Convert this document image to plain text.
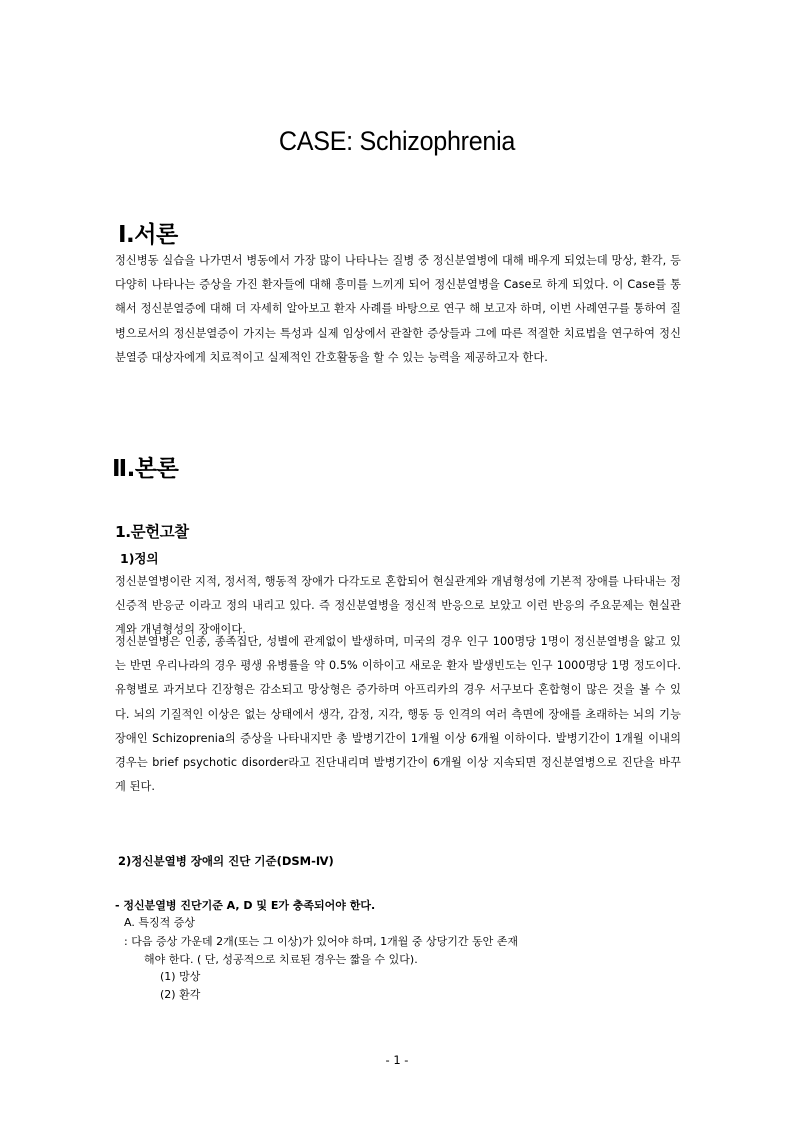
CASE: Schizophrenia
Ⅰ.서론
정신병동 실습을 나가면서 병동에서 가장 많이 나타나는 질병 중 정신분열병에 대해 배우게 되었는데 망상, 환각, 등 다양히 나타나는 증상을 가진 환자들에 대해 흥미를 느끼게 되어 정신분열병을 Case로 하게 되었다. 이 Case를 통해서 정신분열증에 대해 더 자세히 알아보고 환자 사례를 바탕으로 연구 해 보고자 하며, 이번 사례연구를 통하여 질병으로서의 정신분열증이 가지는 특성과 실제 임상에서 관찰한 증상들과 그에 따른 적절한 치료법을 연구하여 정신분열증 대상자에게 치료적이고 실제적인 간호활동을 할 수 있는 능력을 제공하고자 한다.
Ⅱ.본론
1.문헌고찰
1)정의
정신분열병이란 지적, 정서적, 행동적 장애가 다각도로 혼합되어 현실관계와 개념형성에 기본적 장애를 나타내는 정신증적 반응군 이라고 정의 내리고 있다. 즉 정신분열병을 정신적 반응으로 보았고 이런 반응의 주요문제는 현실관계와 개념형성의 장애이다.
정신분열병은 인종, 종족집단, 성별에 관계없이 발생하며, 미국의 경우 인구 100명당 1명이 정신분열병을 앓고 있는 반면 우리나라의 경우 평생 유병률을 약 0.5% 이하이고 새로운 환자 발생빈도는 인구 1000명당 1명 정도이다. 유형별로 과거보다 긴장형은 감소되고 망상형은 증가하며 아프리카의 경우 서구보다 혼합형이 많은 것을 볼 수 있다. 뇌의 기질적인 이상은 없는 상태에서 생각, 감정, 지각, 행동 등 인격의 여러 측면에 장애를 초래하는 뇌의 기능장애인 Schizoprenia의 증상을 나타내지만 총 발병기간이 1개월 이상 6개월 이하이다. 발병기간이 1개월 이내의 경우는 brief psychotic disorder라고 진단내리며 발병기간이 6개월 이상 지속되면 정신분열병으로 진단을 바꾸게 된다.
2)정신분열병 장애의 진단 기준(DSM-Ⅳ)
- 정신분열병 진단기준 A, D 및 E가 충족되어야 한다.
A. 특징적 증상
: 다음 증상 가운데 2개(또는 그 이상)가 있어야 하며, 1개월 중 상당기간 동안 존재
해야 한다. ( 단, 성공적으로 치료된 경우는 짧을 수 있다).
(1) 망상
(2) 환각
- 1 -
